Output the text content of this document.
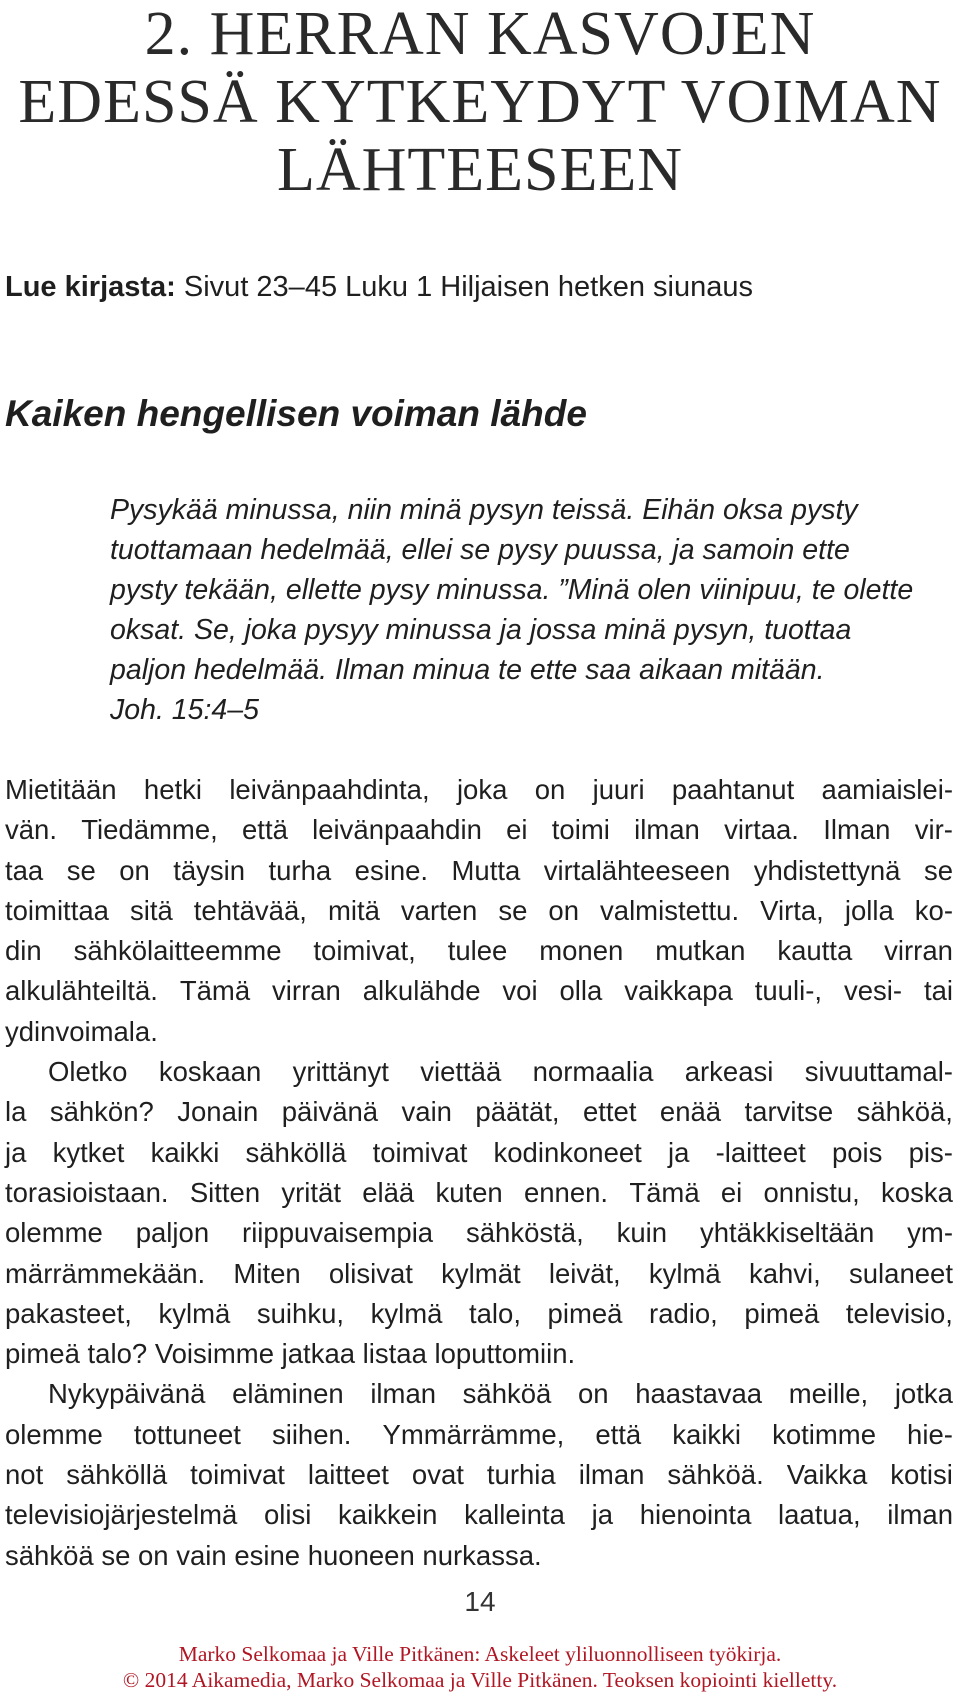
2. HERRAN KASVOJEN
EDESSÄ KYTKEYDYT VOIMAN
LÄHTEESEEN
Lue kirjasta: Sivut 23–45 Luku 1 Hiljaisen hetken siunaus
Kaiken hengellisen voiman lähde
Pysykää minussa, niin minä pysyn teissä. Eihän oksa pysty
tuottamaan hedelmää, ellei se pysy puussa, ja samoin ette
pysty tekään, ellette pysy minussa. ”Minä olen viinipuu, te olette
oksat. Se, joka pysyy minussa ja jossa minä pysyn, tuottaa
paljon hedelmää. Ilman minua te ette saa aikaan mitään.
Joh. 15:4–5
Mietitään hetki leivänpaahdinta, joka on juuri paahtanut aamiaislei-
vän. Tiedämme, että leivänpaahdin ei toimi ilman virtaa. Ilman vir-
taa se on täysin turha esine. Mutta virtalähteeseen yhdistettynä se
toimittaa sitä tehtävää, mitä varten se on valmistettu. Virta, jolla ko-
din sähkölaitteemme toimivat, tulee monen mutkan kautta virran
alkulähteiltä. Tämä virran alkulähde voi olla vaikkapa tuuli-, vesi- tai
ydinvoimala.
Oletko koskaan yrittänyt viettää normaalia arkeasi sivuuttamal-
la sähkön? Jonain päivänä vain päätät, ettet enää tarvitse sähköä,
ja kytket kaikki sähköllä toimivat kodinkoneet ja -laitteet pois pis-
torasioistaan. Sitten yrität elää kuten ennen. Tämä ei onnistu, koska
olemme paljon riippuvaisempia sähköstä, kuin yhtäkkiseltään ym-
märrämmekään. Miten olisivat kylmät leivät, kylmä kahvi, sulaneet
pakasteet, kylmä suihku, kylmä talo, pimeä radio, pimeä televisio,
pimeä talo? Voisimme jatkaa listaa loputtomiin.
Nykypäivänä eläminen ilman sähköä on haastavaa meille, jotka
olemme tottuneet siihen. Ymmärrämme, että kaikki kotimme hie-
not sähköllä toimivat laitteet ovat turhia ilman sähköä. Vaikka kotisi
televisiojärjestelmä olisi kaikkein kalleinta ja hienointa laatua, ilman
sähköä se on vain esine huoneen nurkassa.
14
Marko Selkomaa ja Ville Pitkänen: Askeleet yliluonnolliseen työkirja.
© 2014 Aikamedia, Marko Selkomaa ja Ville Pitkänen. Teoksen kopiointi kielletty.
